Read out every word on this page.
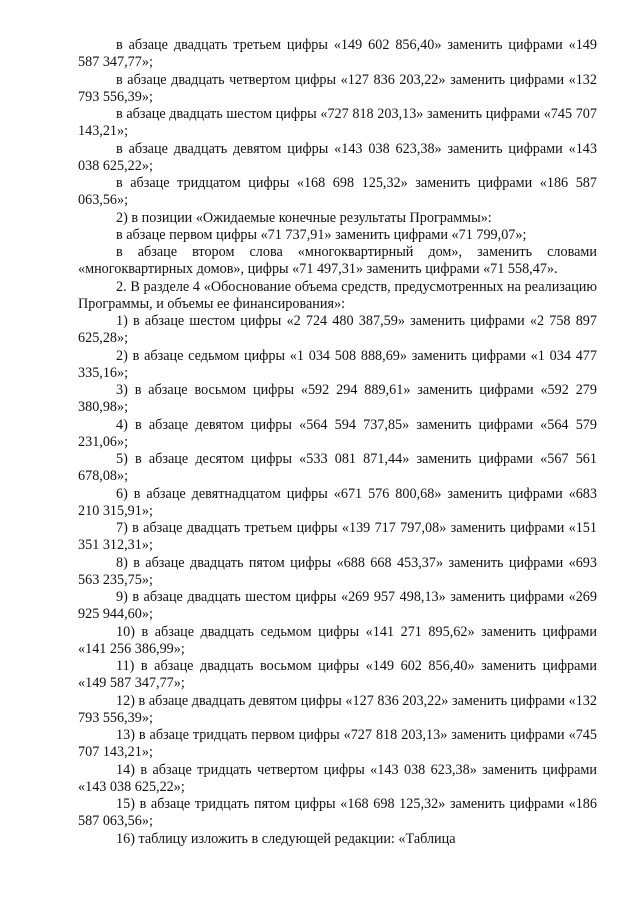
в абзаце двадцать третьем цифры «149 602 856,40» заменить цифрами «149 587 347,77»;

в абзаце двадцать четвертом цифры «127 836 203,22» заменить цифрами «132 793 556,39»;

в абзаце двадцать шестом цифры «727 818 203,13» заменить цифрами «745 707 143,21»;

в абзаце двадцать девятом цифры «143 038 623,38» заменить цифрами «143 038 625,22»;

в абзаце тридцатом цифры «168 698 125,32» заменить цифрами «186 587 063,56»;

2) в позиции «Ожидаемые конечные результаты Программы»:

в абзаце первом цифры «71 737,91» заменить цифрами «71 799,07»;

в абзаце втором слова «многоквартирный дом», заменить словами «многоквартирных домов», цифры «71 497,31» заменить цифрами «71 558,47».

2. В разделе 4 «Обоснование объема средств, предусмотренных на реализацию Программы, и объемы ее финансирования»:

1) в абзаце шестом цифры «2 724 480 387,59» заменить цифрами «2 758 897 625,28»;

2) в абзаце седьмом цифры «1 034 508 888,69» заменить цифрами «1 034 477 335,16»;

3) в абзаце восьмом цифры «592 294 889,61» заменить цифрами «592 279 380,98»;

4) в абзаце девятом цифры «564 594 737,85» заменить цифрами «564 579 231,06»;

5) в абзаце десятом цифры «533 081 871,44» заменить цифрами «567 561 678,08»;

6) в абзаце девятнадцатом цифры «671 576 800,68» заменить цифрами «683 210 315,91»;

7) в абзаце двадцать третьем цифры «139 717 797,08» заменить цифрами «151 351 312,31»;

8) в абзаце двадцать пятом цифры «688 668 453,37» заменить цифрами «693 563 235,75»;

9) в абзаце двадцать шестом цифры «269 957 498,13» заменить цифрами «269 925 944,60»;

10) в абзаце двадцать седьмом цифры «141 271 895,62» заменить цифрами «141 256 386,99»;

11) в абзаце двадцать восьмом цифры «149 602 856,40» заменить цифрами «149 587 347,77»;

12) в абзаце двадцать девятом цифры «127 836 203,22» заменить цифрами «132 793 556,39»;

13) в абзаце тридцать первом цифры «727 818 203,13» заменить цифрами «745 707 143,21»;

14) в абзаце тридцать четвертом цифры «143 038 623,38» заменить цифрами «143 038 625,22»;

15) в абзаце тридцать пятом цифры «168 698 125,32» заменить цифрами «186 587 063,56»;

16) таблицу изложить в следующей редакции: «Таблица
